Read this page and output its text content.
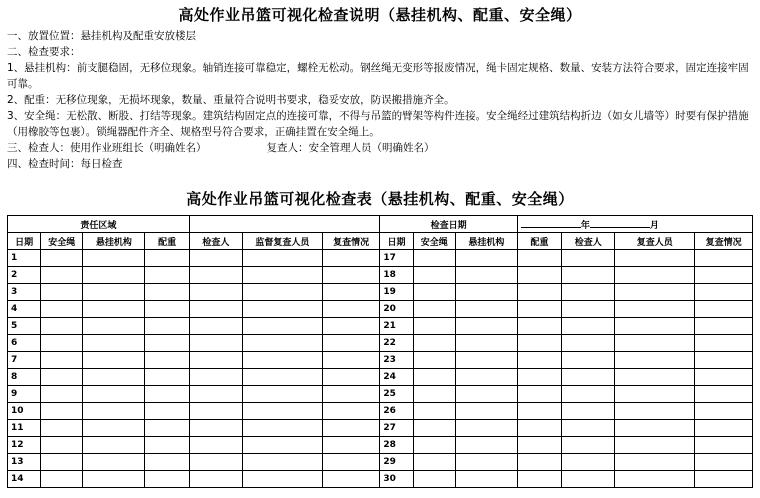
高处作业吊篮可视化检查说明（悬挂机构、配重、安全绳）
一、放置位置：悬挂机构及配重安放楼层
二、检查要求：
1、悬挂机构：前支腿稳固，无移位现象。轴销连接可靠稳定，螺栓无松动。钢丝绳无变形等报废情况，绳卡固定规格、数量、安装方法符合要求，固定连接牢固可靠。
2、配重：无移位现象，无损坏现象，数量、重量符合说明书要求，稳妥安放，防误搬措施齐全。
3、安全绳：无松散、断股、打结等现象。建筑结构固定点的连接可靠，不得与吊篮的臂架等构件连接。安全绳经过建筑结构折边（如女儿墙等）时要有保护措施（用橡胶等包裹）。锁绳器配件齐全、规格型号符合要求，正确挂置在安全绳上。
三、检查人：使用作业班组长（明确姓名）	复查人：安全管理人员（明确姓名）
四、检查时间：每日检查
高处作业吊篮可视化检查表（悬挂机构、配重、安全绳）
责任区域							检查日期			年 月			
日期	安全绳	悬挂机构	配重	检查人	监督复查人员	复查情况	日期	安全绳	悬挂机构	配重	检查人	复查人员	复查情况
1							17						
2							18						
3							19						
4							20						
5							21						
6							22						
7							23						
8							24						
9							25						
10							26						
11							27						
12							28						
13							29						
14							30						
